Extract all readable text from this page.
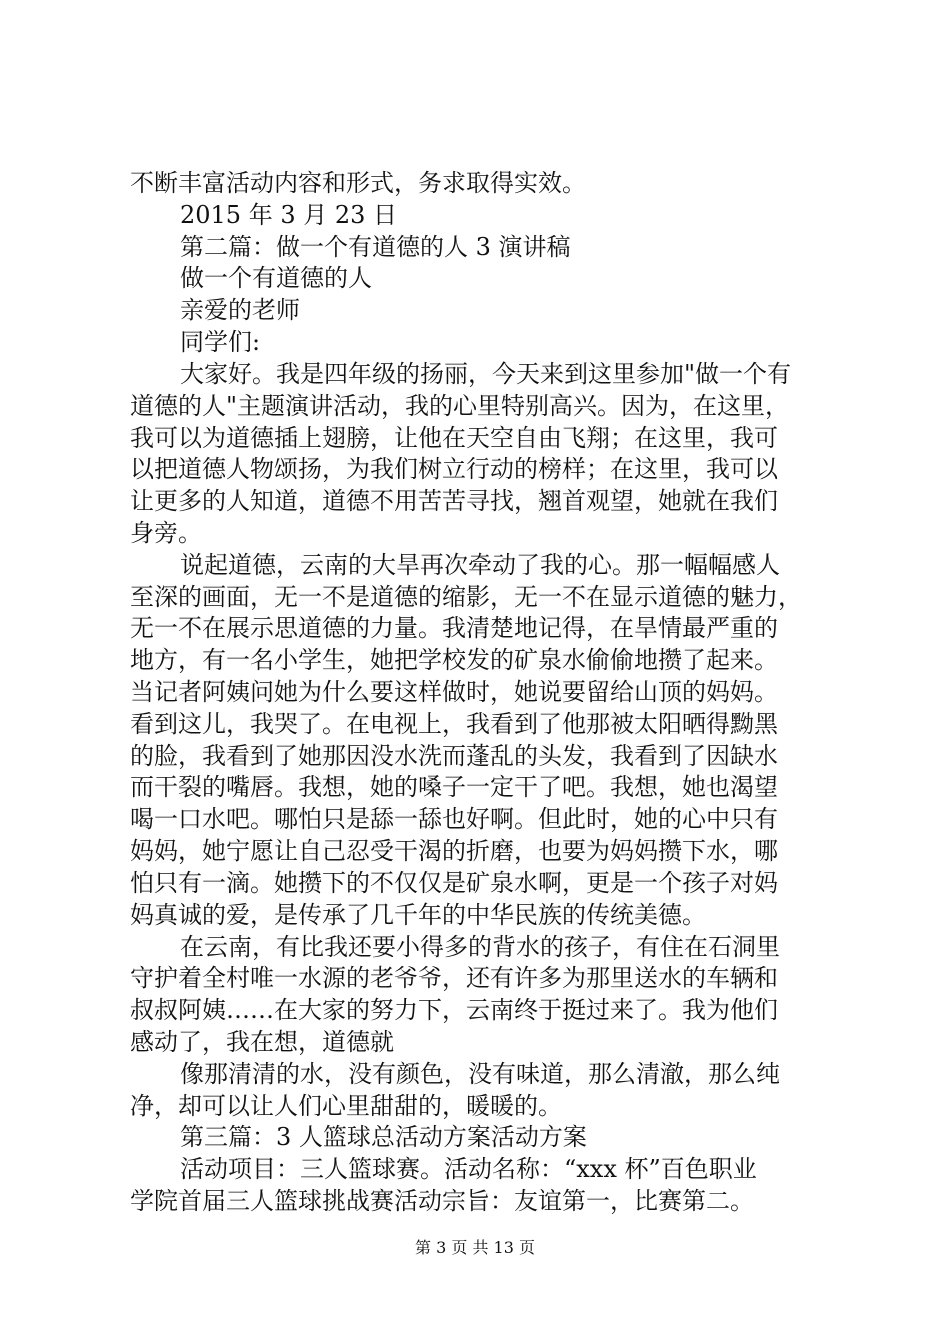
不断丰富活动内容和形式，务求取得实效。
2015 年 3 月 23 日
第二篇：做一个有道德的人 3 演讲稿
做一个有道德的人
亲爱的老师
同学们:
大家好。我是四年级的扬丽，今天来到这里参加"做一个有
道德的人"主题演讲活动，我的心里特别高兴。因为，在这里，
我可以为道德插上翅膀，让他在天空自由飞翔；在这里，我可
以把道德人物颂扬，为我们树立行动的榜样；在这里，我可以
让更多的人知道，道德不用苦苦寻找，翘首观望，她就在我们
身旁。
说起道德，云南的大旱再次牵动了我的心。那一幅幅感人
至深的画面，无一不是道德的缩影，无一不在显示道德的魅力，
无一不在展示思道德的力量。我清楚地记得，在旱情最严重的
地方，有一名小学生，她把学校发的矿泉水偷偷地攒了起来。
当记者阿姨问她为什么要这样做时，她说要留给山顶的妈妈。
看到这儿，我哭了。在电视上，我看到了他那被太阳晒得黝黑
的脸，我看到了她那因没水洗而蓬乱的头发，我看到了因缺水
而干裂的嘴唇。我想，她的嗓子一定干了吧。我想，她也渴望
喝一口水吧。哪怕只是舔一舔也好啊。但此时，她的心中只有
妈妈，她宁愿让自己忍受干渴的折磨，也要为妈妈攒下水，哪
怕只有一滴。她攒下的不仅仅是矿泉水啊，更是一个孩子对妈
妈真诚的爱，是传承了几千年的中华民族的传统美德。
在云南，有比我还要小得多的背水的孩子，有住在石洞里
守护着全村唯一水源的老爷爷，还有许多为那里送水的车辆和
叔叔阿姨……在大家的努力下，云南终于挺过来了。我为他们
感动了，我在想，道德就
像那清清的水，没有颜色，没有味道，那么清澈，那么纯
净，却可以让人们心里甜甜的，暖暖的。
第三篇：3 人篮球总活动方案活动方案
活动项目：三人篮球赛。活动名称：“xxx 杯”百色职业
学院首届三人篮球挑战赛活动宗旨：友谊第一，比赛第二。
第 3 页 共 13 页
